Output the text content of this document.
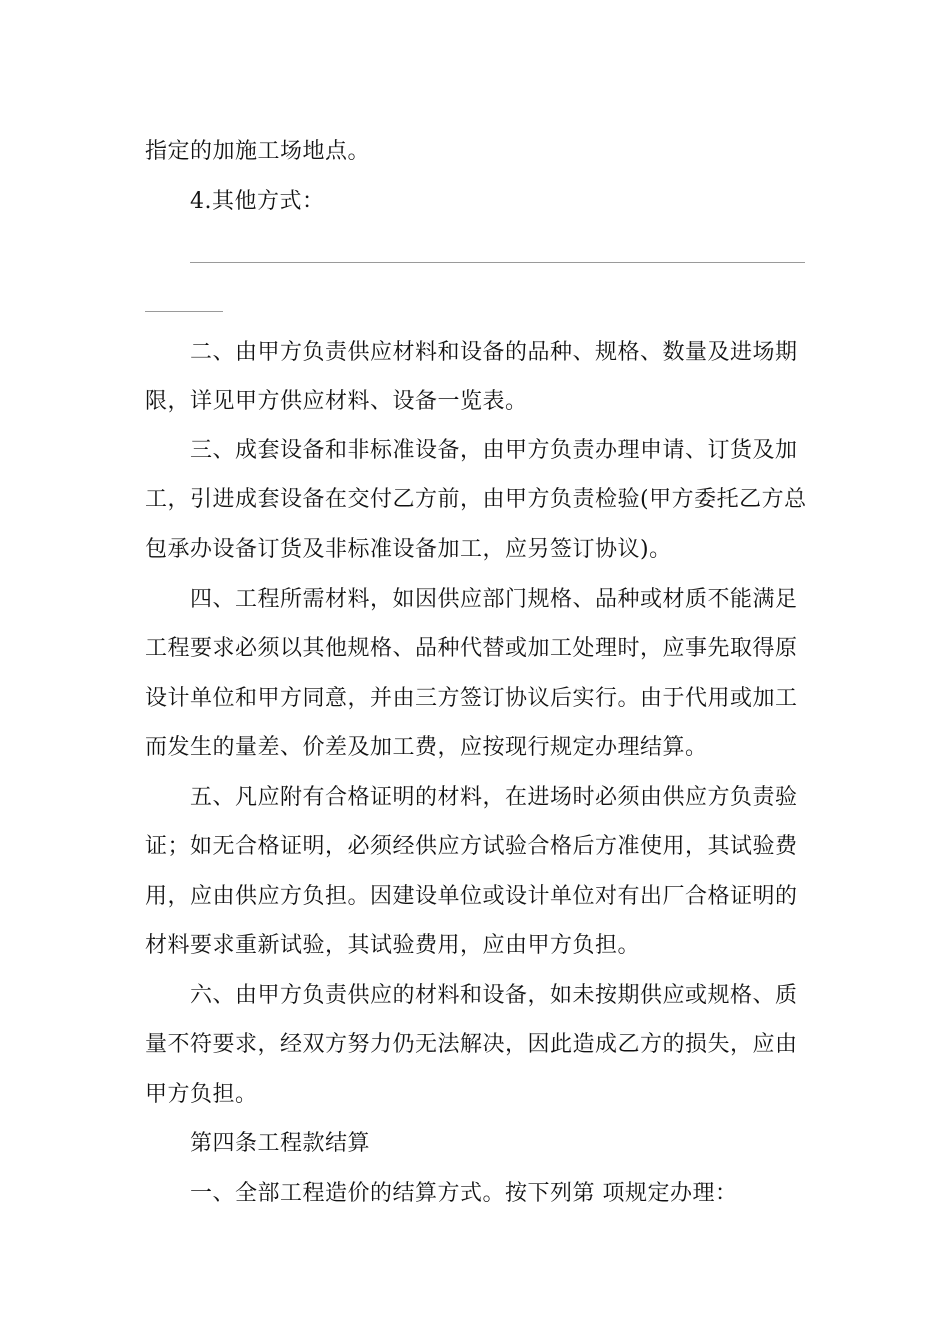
指定的加施工场地点。
4.其他方式：
二、由甲方负责供应材料和设备的品种、规格、数量及进场期
限，详见甲方供应材料、设备一览表。
三、成套设备和非标准设备，由甲方负责办理申请、订货及加
工，引进成套设备在交付乙方前，由甲方负责检验(甲方委托乙方总
包承办设备订货及非标准设备加工，应另签订协议)。
四、工程所需材料，如因供应部门规格、品种或材质不能满足
工程要求必须以其他规格、品种代替或加工处理时，应事先取得原
设计单位和甲方同意，并由三方签订协议后实行。由于代用或加工
而发生的量差、价差及加工费，应按现行规定办理结算。
五、凡应附有合格证明的材料，在进场时必须由供应方负责验
证；如无合格证明，必须经供应方试验合格后方准使用，其试验费
用，应由供应方负担。因建设单位或设计单位对有出厂合格证明的
材料要求重新试验，其试验费用，应由甲方负担。
六、由甲方负责供应的材料和设备，如未按期供应或规格、质
量不符要求，经双方努力仍无法解决，因此造成乙方的损失，应由
甲方负担。
第四条工程款结算
一、全部工程造价的结算方式。按下列第 项规定办理：
